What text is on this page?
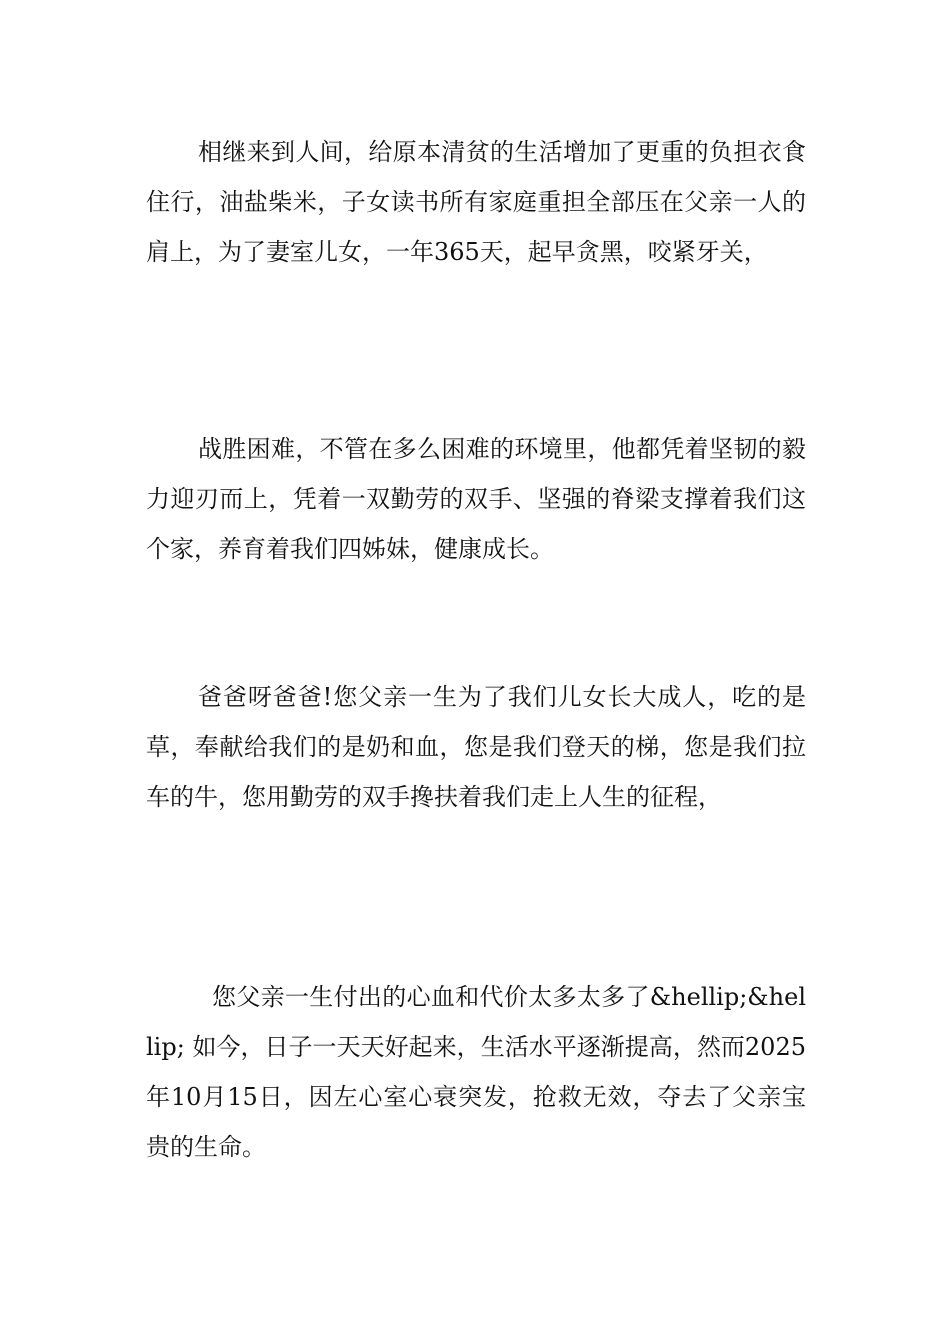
相继来到人间，给原本清贫的生活增加了更重的负担衣食住行，油盐柴米，子女读书所有家庭重担全部压在父亲一人的肩上，为了妻室儿女，一年365天，起早贪黑，咬紧牙关，

战胜困难，不管在多么困难的环境里，他都凭着坚韧的毅力迎刃而上，凭着一双勤劳的双手、坚强的脊梁支撑着我们这个家，养育着我们四姊妹，健康成长。

爸爸呀爸爸!您父亲一生为了我们儿女长大成人，吃的是草，奉献给我们的是奶和血，您是我们登天的梯，您是我们拉车的牛，您用勤劳的双手搀扶着我们走上人生的征程，

您父亲一生付出的心血和代价太多太多了&hellip;&hellip; 如今，日子一天天好起来，生活水平逐渐提高，然而2025年10月15日，因左心室心衰突发，抢救无效，夺去了父亲宝贵的生命。
